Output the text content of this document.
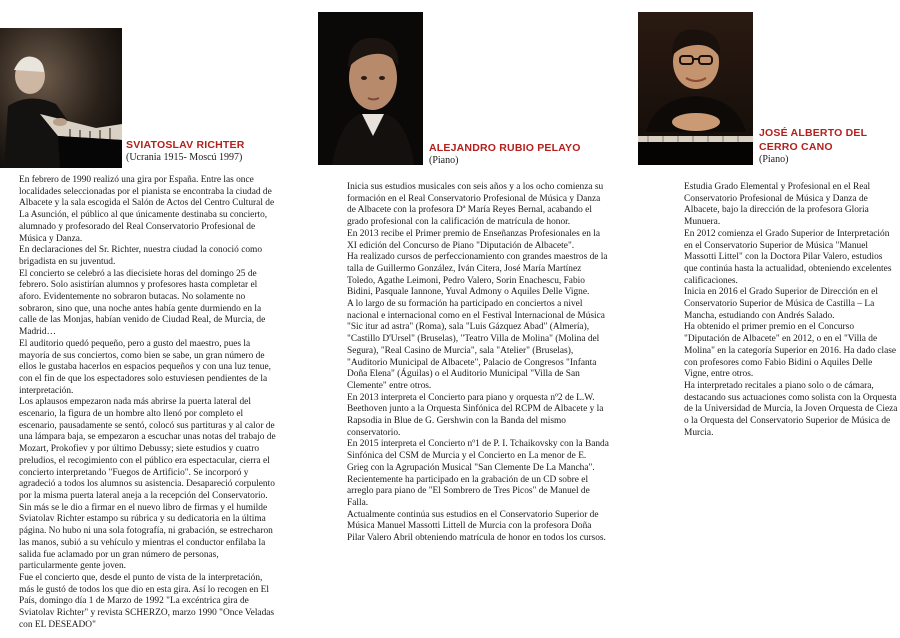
SVIATOSLAV RICHTER
(Ucrania 1915- Moscú 1997)

En febrero de 1990 realizó una gira por España. Entre las once localidades seleccionadas por el pianista se encontraba la ciudad de Albacete y la sala escogida el Salón de Actos del Centro Cultural de La Asunción, el público al que únicamente destinaba su concierto, alumnado y profesorado del Real Conservatorio Profesional de Música y Danza.

En declaraciones del Sr. Richter, nuestra ciudad la conoció como brigadista en su juventud.

El concierto se celebró a las diecisiete horas del domingo 25 de febrero. Solo asistirían alumnos y profesores hasta completar el aforo. Evidentemente no sobraron butacas. No solamente no sobraron, sino que, una noche antes había gente durmiendo en la calle de las Monjas, habían venido de Ciudad Real, de Murcia, de Madrid…

El auditorio quedó pequeño, pero a gusto del maestro, pues la mayoría de sus conciertos, como bien se sabe, un gran número de ellos le gustaba hacerlos en espacios pequeños y con una luz tenue, con el fin de que los espectadores solo estuviesen pendientes de la interpretación.

Los aplausos empezaron nada más abrirse la puerta lateral del escenario, la figura de un hombre alto llenó por completo el escenario, pausadamente se sentó, colocó sus partituras y al calor de una lámpara baja, se empezaron a escuchar unas notas del trabajo de Mozart, Prokofiev y por último Debussy; siete estudios y cuatro preludios, el recogimiento con el público era espectacular, cierra el concierto interpretando "Fuegos de Artificio". Se incorporó y agradeció a todos los alumnos su asistencia. Desapareció corpulento por la misma puerta lateral aneja a la recepción del Conservatorio. Sin más se le dio a firmar en el nuevo libro de firmas y el humilde Sviatolav Richter estampo su rúbrica y su dedicatoria en la última página. No hubo ni una sola fotografía, ni grabación, se estrecharon las manos, subió a su vehículo y mientras el conductor enfilaba la salida fue aclamado por un gran número de personas, particularmente gente joven.

Fue el concierto que, desde el punto de vista de la interpretación, más le gustó de todos los que dio en esta gira. Así lo recogen en El País, domingo día 1 de Marzo de 1992 "La excéntrica gira de Sviatolav Richter" y revista SCHERZO, marzo 1990 "Once Veladas con EL DESEADO"

ALEJANDRO RUBIO PELAYO
(Piano)

Inicia sus estudios musicales con seis años y a los ocho comienza su formación en el Real Conservatorio Profesional de Música y Danza de Albacete con la profesora Dª María Reyes Bernal, acabando el grado profesional con la calificación de matrícula de honor.

En 2013 recibe el Primer premio de Enseñanzas Profesionales en la XI edición del Concurso de Piano "Diputación de Albacete".

Ha realizado cursos de perfeccionamiento con grandes maestros de la talla de Guillermo González, Iván Citera, José María Martínez Toledo, Agathe Leimoni, Pedro Valero, Sorin Enachescu, Fabio Bidini, Pasquale Iannone, Yuval Admony o Aquiles Delle Vigne.

A lo largo de su formación ha participado en conciertos a nivel nacional e internacional como en el Festival Internacional de Música "Sic itur ad astra" (Roma), sala "Luis Gázquez Abad" (Almería), "Castillo D'Ursel" (Bruselas), "Teatro Villa de Molina" (Molina del Segura), "Real Casino de Murcia", sala "Atelier" (Bruselas), "Auditorio Municipal de Albacete", Palacio de Congresos "Infanta Doña Elena" (Águilas) o el Auditorio Municipal "Villa de San Clemente" entre otros.

En 2013 interpreta el Concierto para piano y orquesta nº2 de L.W. Beethoven junto a la Orquesta Sinfónica del RCPM de Albacete y la Rapsodia in Blue de G. Gershwin con la Banda del mismo conservatorio.

En 2015 interpreta el Concierto nº1 de P. I. Tchaikovsky con la Banda Sinfónica del CSM de Murcia y el Concierto en La menor de E. Grieg con la Agrupación Musical "San Clemente De La Mancha".

Recientemente ha participado en la grabación de un CD sobre el arreglo para piano de "El Sombrero de Tres Picos" de Manuel de Falla.

Actualmente continúa sus estudios en el Conservatorio Superior de Música Manuel Massotti Littell de Murcia con la profesora Doña Pilar Valero Abril obteniendo matrícula de honor en todos los cursos.

JOSÉ ALBERTO DEL
CERRO CANO
(Piano)

Estudia Grado Elemental y Profesional en el Real Conservatorio Profesional de Música y Danza de Albacete, bajo la dirección de la profesora Gloria Munuera.

En 2012 comienza el Grado Superior de Interpretación en el Conservatorio Superior de Música "Manuel Massotti Littel" con la Doctora Pilar Valero, estudios que continúa hasta la actualidad, obteniendo excelentes calificaciones.

Inicia en 2016 el Grado Superior de Dirección en el Conservatorio Superior de Música de Castilla – La Mancha, estudiando con Andrés Salado.

Ha obtenido el primer premio en el Concurso "Diputación de Albacete" en 2012, o en el "Villa de Molina" en la categoría Superior en 2016. Ha dado clase con profesores como Fabio Bidini o Aquiles Delle Vigne, entre otros.

Ha interpretado recitales a piano solo o de cámara, destacando sus actuaciones como solista con la Orquesta de la Universidad de Murcia, la Joven Orquesta de Cieza o la Orquesta del Conservatorio Superior de Música de Murcia.
